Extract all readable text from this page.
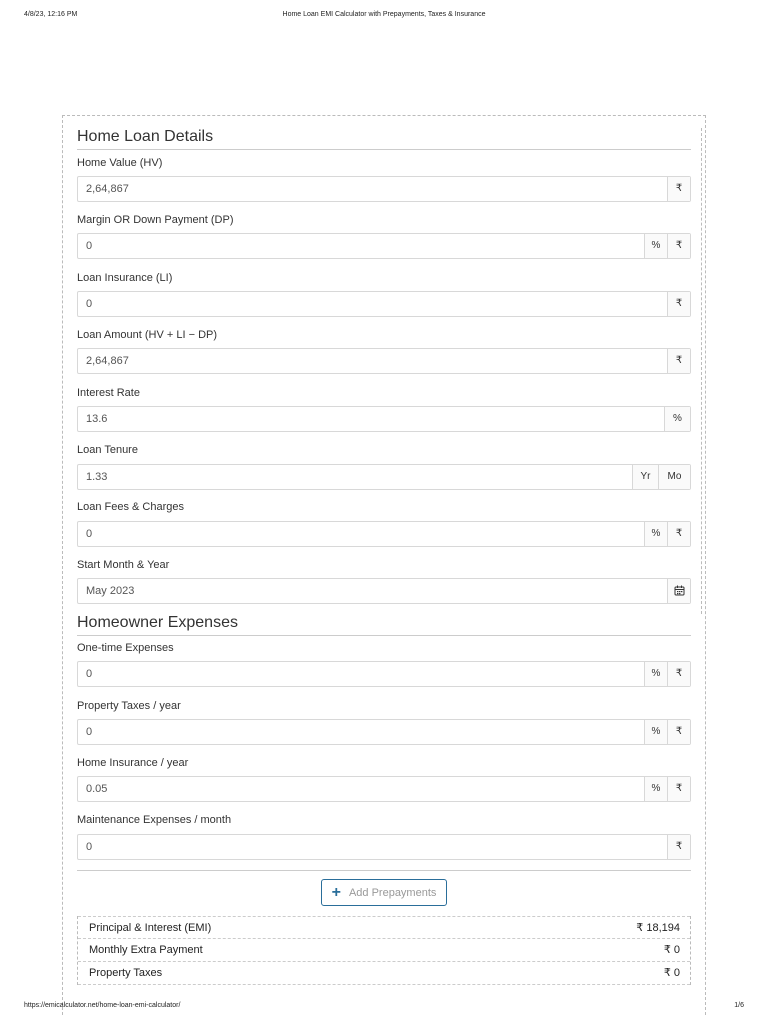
4/8/23, 12:16 PM	Home Loan EMI Calculator with Prepayments, Taxes & Insurance
Home Loan Details
Home Value (HV)
2,64,867	₹
Margin OR Down Payment (DP)
0	%	₹
Loan Insurance (LI)
0	₹
Loan Amount (HV + LI − DP)
2,64,867	₹
Interest Rate
13.6	%
Loan Tenure
1.33	Yr	Mo
Loan Fees & Charges
0	%	₹
Start Month & Year
May 2023
Homeowner Expenses
One-time Expenses
0	%	₹
Property Taxes / year
0	%	₹
Home Insurance / year
0.05	%	₹
Maintenance Expenses / month
0	₹
+ Add Prepayments
Principal & Interest (EMI)	₹ 18,194
Monthly Extra Payment	₹ 0
Property Taxes	₹ 0
https://emicalculator.net/home-loan-emi-calculator/	1/6
